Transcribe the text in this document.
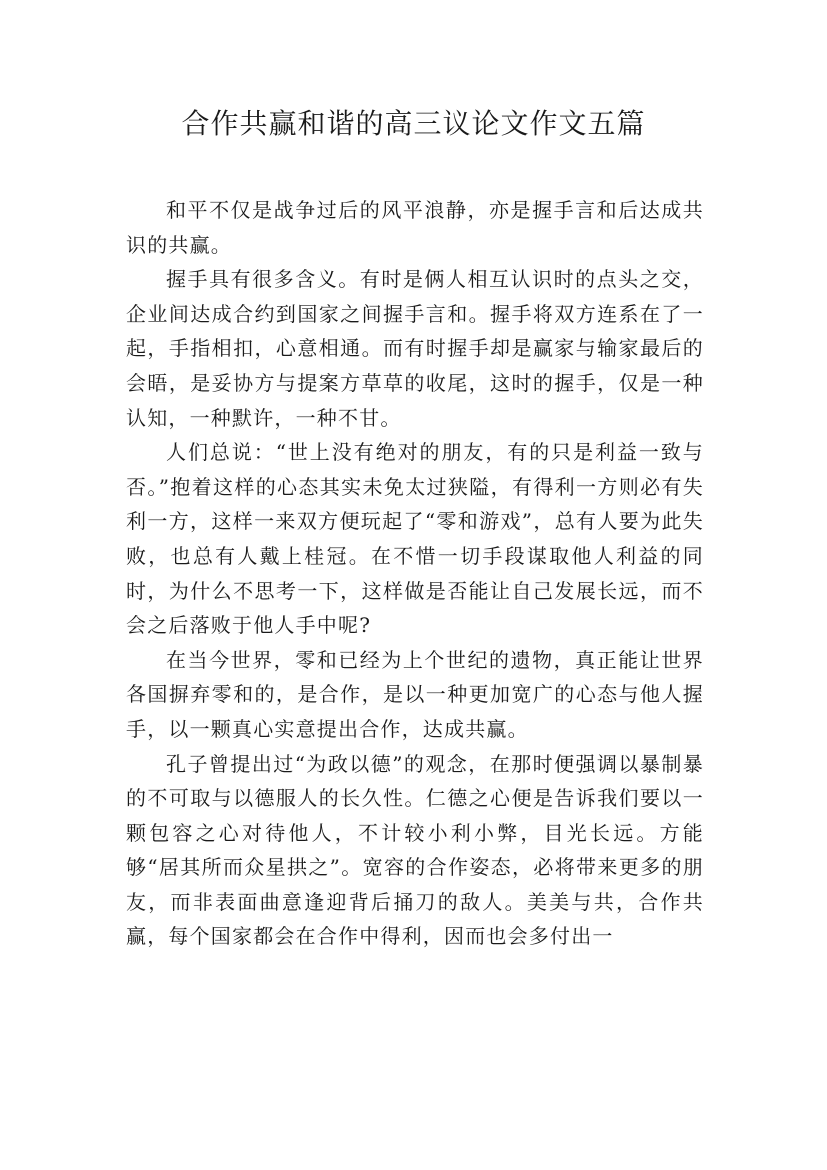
合作共赢和谐的高三议论文作文五篇

和平不仅是战争过后的风平浪静，亦是握手言和后达成共识的共赢。

握手具有很多含义。有时是俩人相互认识时的点头之交，企业间达成合约到国家之间握手言和。握手将双方连系在了一起，手指相扣，心意相通。而有时握手却是赢家与输家最后的会晤，是妥协方与提案方草草的收尾，这时的握手，仅是一种认知，一种默许，一种不甘。

人们总说：“世上没有绝对的朋友，有的只是利益一致与否。”抱着这样的心态其实未免太过狭隘，有得利一方则必有失利一方，这样一来双方便玩起了“零和游戏”，总有人要为此失败，也总有人戴上桂冠。在不惜一切手段谋取他人利益的同时，为什么不思考一下，这样做是否能让自己发展长远，而不会之后落败于他人手中呢?

在当今世界，零和已经为上个世纪的遗物，真正能让世界各国摒弃零和的，是合作，是以一种更加宽广的心态与他人握手，以一颗真心实意提出合作，达成共赢。

孔子曾提出过“为政以德”的观念，在那时便强调以暴制暴的不可取与以德服人的长久性。仁德之心便是告诉我们要以一颗包容之心对待他人，不计较小利小弊，目光长远。方能够“居其所而众星拱之”。宽容的合作姿态，必将带来更多的朋友，而非表面曲意逢迎背后捅刀的敌人。美美与共，合作共赢，每个国家都会在合作中得利，因而也会多付出一
